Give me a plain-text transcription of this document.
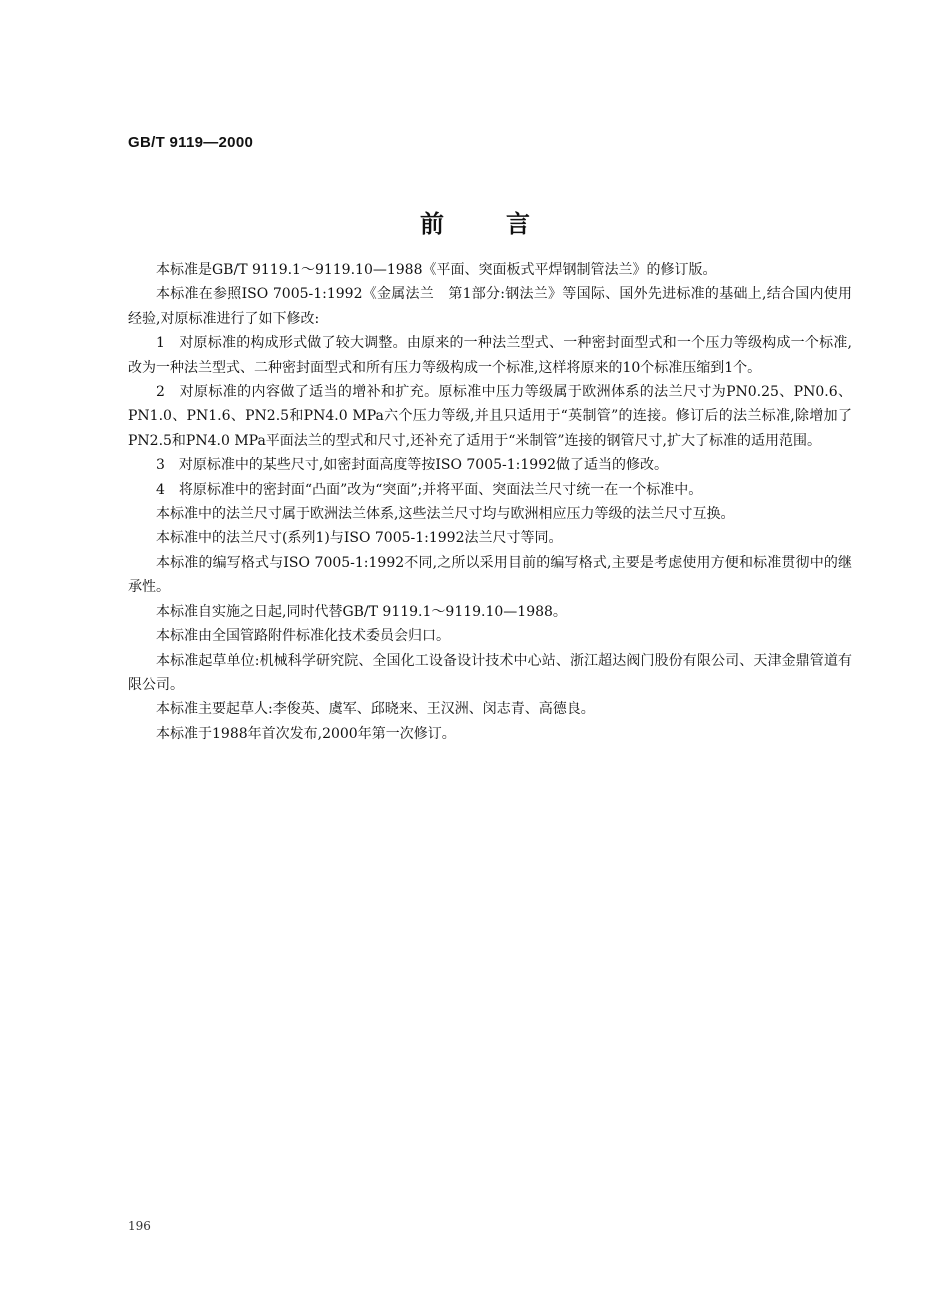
GB/T 9119—2000
前言

本标准是GB/T 9119.1～9119.10—1988《平面、突面板式平焊钢制管法兰》的修订版。

本标准在参照ISO 7005-1:1992《金属法兰　第1部分:钢法兰》等国际、国外先进标准的基础上,结合国内使用经验,对原标准进行了如下修改:

1　对原标准的构成形式做了较大调整。由原来的一种法兰型式、一种密封面型式和一个压力等级构成一个标准,改为一种法兰型式、二种密封面型式和所有压力等级构成一个标准,这样将原来的10个标准压缩到1个。

2　对原标准的内容做了适当的增补和扩充。原标准中压力等级属于欧洲体系的法兰尺寸为PN0.25、PN0.6、PN1.0、PN1.6、PN2.5和PN4.0 MPa六个压力等级,并且只适用于“英制管”的连接。修订后的法兰标准,除增加了PN2.5和PN4.0 MPa平面法兰的型式和尺寸,还补充了适用于“米制管”连接的钢管尺寸,扩大了标准的适用范围。

3　对原标准中的某些尺寸,如密封面高度等按ISO 7005-1:1992做了适当的修改。

4　将原标准中的密封面“凸面”改为“突面”;并将平面、突面法兰尺寸统一在一个标准中。

本标准中的法兰尺寸属于欧洲法兰体系,这些法兰尺寸均与欧洲相应压力等级的法兰尺寸互换。

本标准中的法兰尺寸(系列1)与ISO 7005-1:1992法兰尺寸等同。

本标准的编写格式与ISO 7005-1:1992不同,之所以采用目前的编写格式,主要是考虑使用方便和标准贯彻中的继承性。

本标准自实施之日起,同时代替GB/T 9119.1～9119.10—1988。

本标准由全国管路附件标准化技术委员会归口。

本标准起草单位:机械科学研究院、全国化工设备设计技术中心站、浙江超达阀门股份有限公司、天津金鼎管道有限公司。

本标准主要起草人:李俊英、虞军、邱晓来、王汉洲、闵志青、高德良。

本标准于1988年首次发布,2000年第一次修订。

196
